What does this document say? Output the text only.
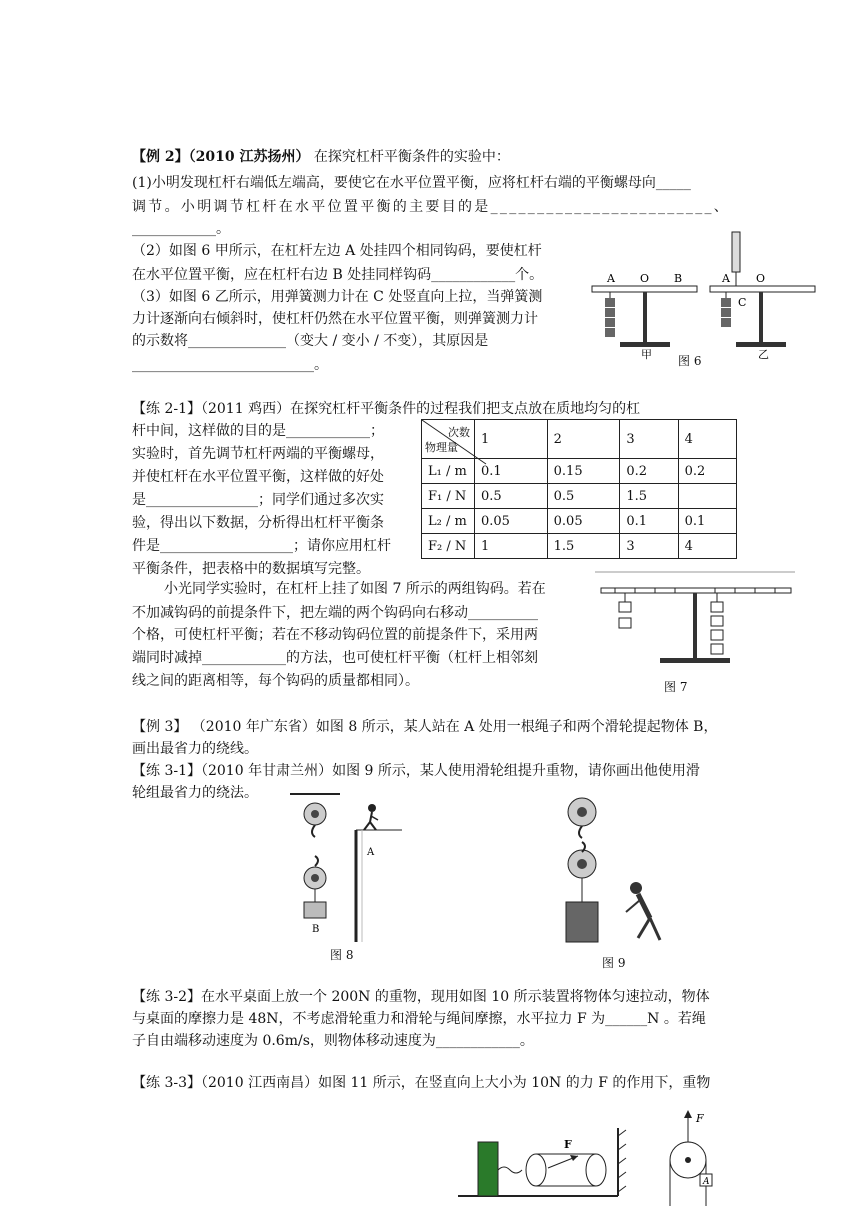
【例 2】（2010 江苏扬州） 在探究杠杆平衡条件的实验中：
(1)小明发现杠杆右端低左端高，要使它在水平位置平衡，应将杠杆右端的平衡螺母向_____
调节。小明调节杠杆在水平位置平衡的主要目的是________________________、
____________。
（2）如图 6 甲所示，在杠杆左边 A 处挂四个相同钩码，要使杠杆
在水平位置平衡，应在杠杆右边 B 处挂同样钩码____________个。
（3）如图 6 乙所示，用弹簧测力计在 C 处竖直向上拉，当弹簧测
力计逐渐向右倾斜时，使杠杆仍然在水平位置平衡，则弹簧测力计
的示数将______________（变大 / 变小 / 不变），其原因是
__________________________。
A O B
甲
A O
C
乙
图 6
【练 2-1】（2011 鸡西）在探究杠杆平衡条件的过程我们把支点放在质地均匀的杠
杆中间，这样做的目的是____________；
实验时，首先调节杠杆两端的平衡螺母，
并使杠杆在水平位置平衡，这样做的好处
是________________；同学们通过多次实
验，得出以下数据，分析得出杠杆平衡条
件是___________________；请你应用杠杆
平衡条件，把表格中的数据填写完整。
次数
物理量	1	2	3	4
L₁ / m	0.1	0.15	0.2	0.2
F₁ / N	0.5	0.5	1.5	
L₂ / m	0.05	0.05	0.1	0.1
F₂ / N	1	1.5	3	4
小光同学实验时，在杠杆上挂了如图 7 所示的两组钩码。若在
不加减钩码的前提条件下，把左端的两个钩码向右移动__________
个格，可使杠杆平衡；若在不移动钩码位置的前提条件下，采用两
端同时减掉____________的方法，也可使杠杆平衡（杠杆上相邻刻
线之间的距离相等，每个钩码的质量都相同）。	图 7
【例 3】 （2010 年广东省）如图 8 所示，某人站在 A 处用一根绳子和两个滑轮提起物体 B，
画出最省力的绕线。
【练 3-1】（2010 年甘肃兰州）如图 9 所示，某人使用滑轮组提升重物，请你画出他使用滑
轮组最省力的绕法。
B
A
图 8
图 9
【练 3-2】在水平桌面上放一个 200N 的重物，现用如图 10 所示装置将物体匀速拉动，物体
与桌面的摩擦力是 48N，不考虑滑轮重力和滑轮与绳间摩擦，水平拉力 F 为______N 。若绳
子自由端移动速度为 0.6m/s，则物体移动速度为____________。
【练 3-3】（2010 江西南昌）如图 11 所示，在竖直向上大小为 10N 的力 F 的作用下，重物
F
F
A
